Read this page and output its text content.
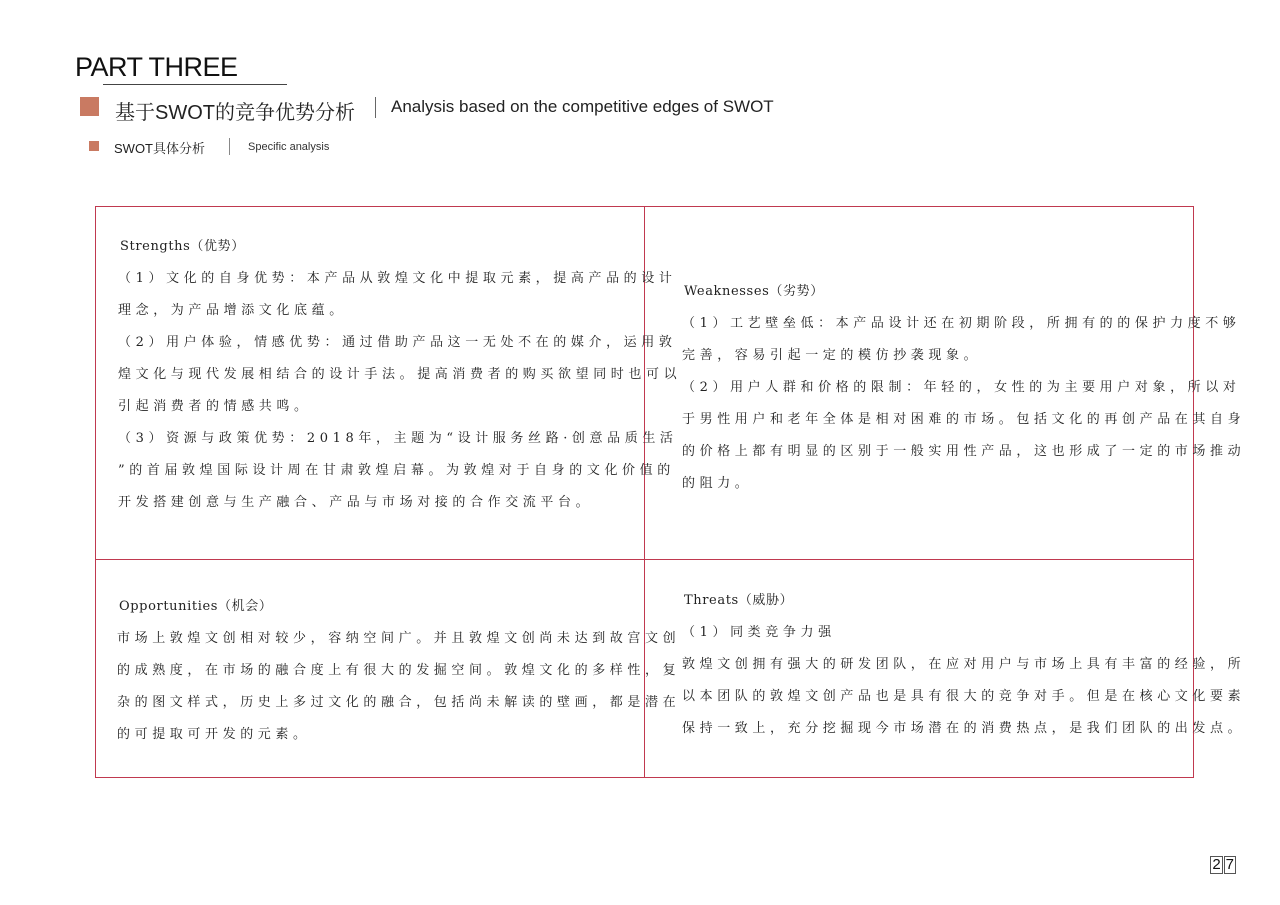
PART THREE
基于SWOT的竞争优势分析 Analysis based on the competitive edges of SWOT
SWOT具体分析	Specific analysis
Strengths（优势）
（1）文化的自身优势：本产品从敦煌文化中提取元素，提高产品的设计
理念，为产品增添文化底蕴。
（2）用户体验，情感优势：通过借助产品这一无处不在的媒介，运用敦
煌文化与现代发展相结合的设计手法。提高消费者的购买欲望同时也可以
引起消费者的情感共鸣。
（3）资源与政策优势：2018年，主题为“设计服务丝路·创意品质生活
”的首届敦煌国际设计周在甘肃敦煌启幕。为敦煌对于自身的文化价值的
开发搭建创意与生产融合、产品与市场对接的合作交流平台。
Weaknesses（劣势）
（1）工艺壁垒低：本产品设计还在初期阶段，所拥有的的保护力度不够
完善，容易引起一定的模仿抄袭现象。
（2）用户人群和价格的限制：年轻的，女性的为主要用户对象，所以对
于男性用户和老年全体是相对困难的市场。包括文化的再创产品在其自身
的价格上都有明显的区别于一般实用性产品，这也形成了一定的市场推动
的阻力。
Opportunities（机会）
市场上敦煌文创相对较少，容纳空间广。并且敦煌文创尚未达到故宫文创
的成熟度，在市场的融合度上有很大的发掘空间。敦煌文化的多样性，复
杂的图文样式，历史上多过文化的融合，包括尚未解读的壁画，都是潜在
的可提取可开发的元素。
Threats（威胁）
（1）同类竞争力强
敦煌文创拥有强大的研发团队，在应对用户与市场上具有丰富的经验，所
以本团队的敦煌文创产品也是具有很大的竞争对手。但是在核心文化要素
保持一致上，充分挖掘现今市场潜在的消费热点，是我们团队的出发点。
2 7
